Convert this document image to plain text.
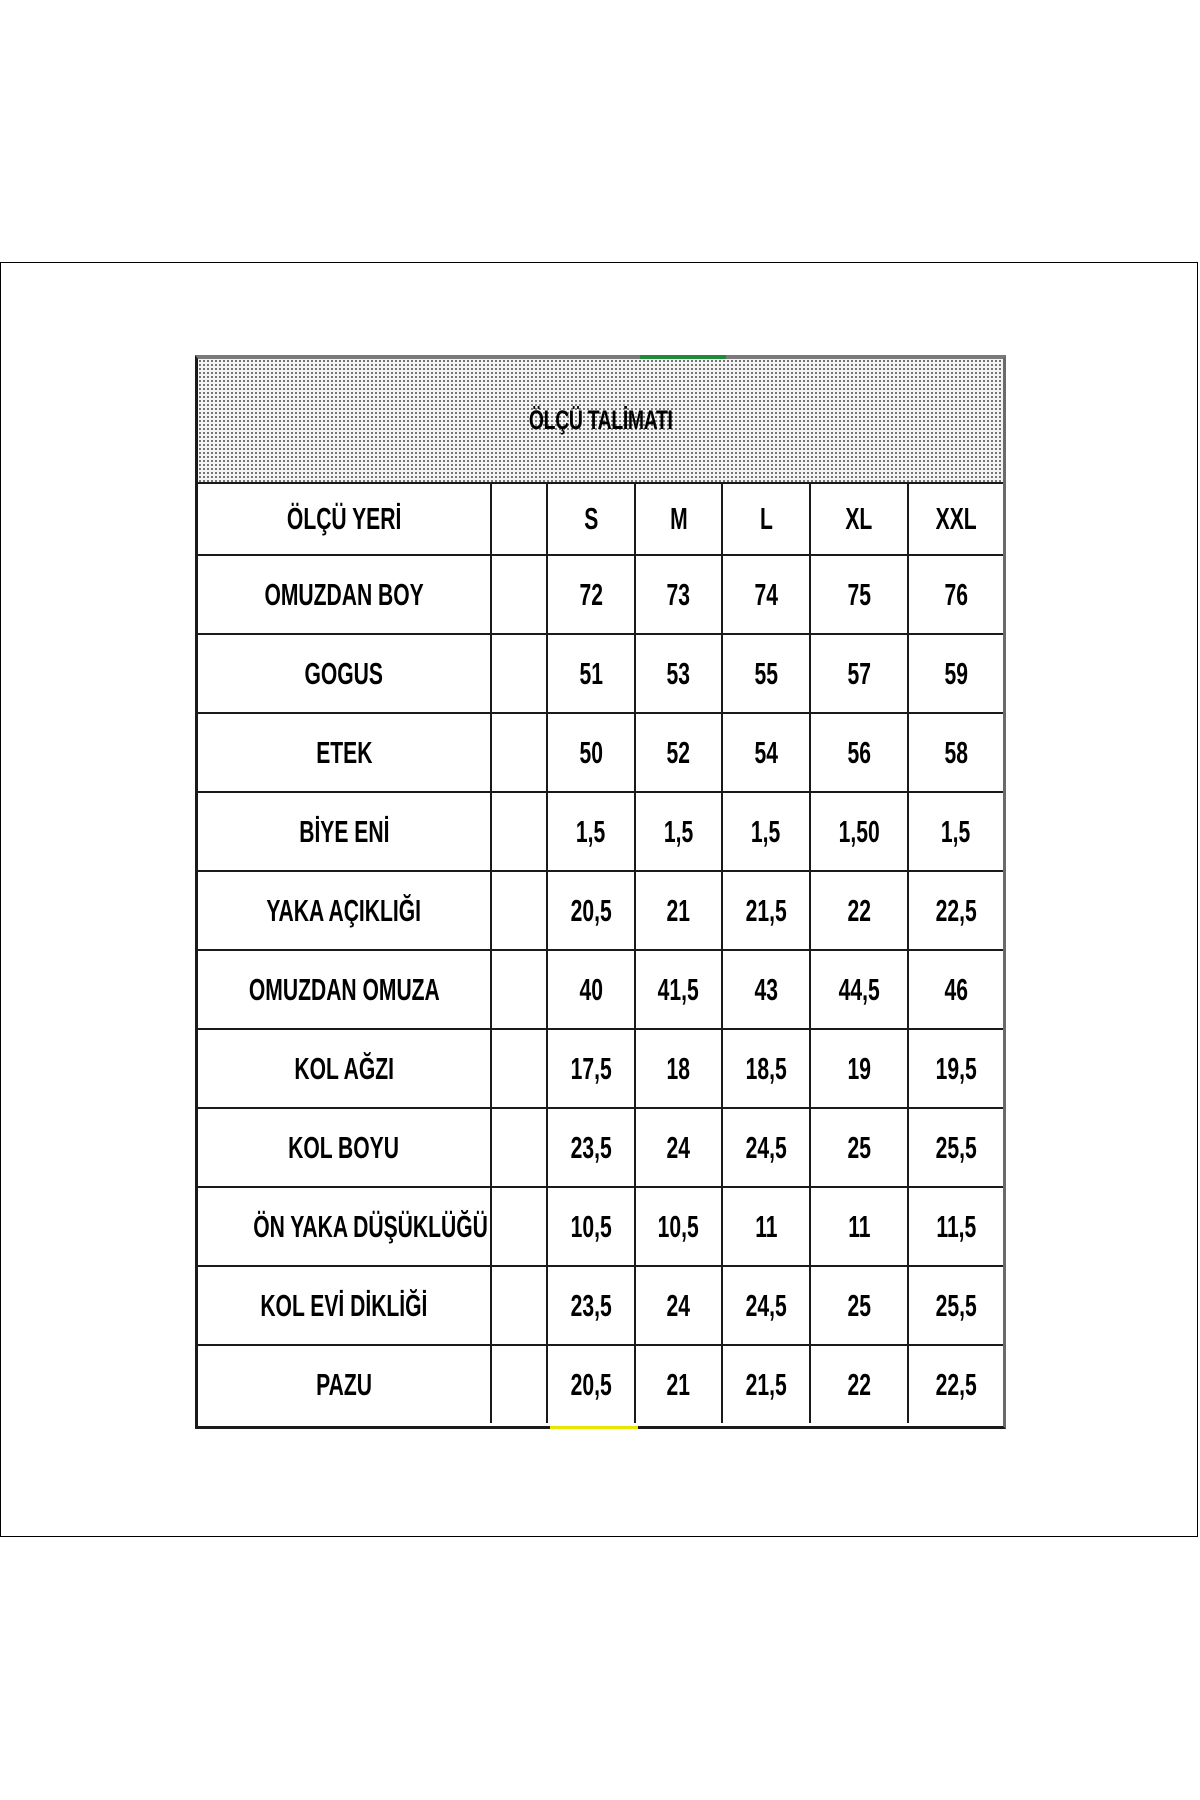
ÖLÇÜ TALİMATI
ÖLÇÜ YERİ		S	M	L	XL	XXL
OMUZDAN BOY		72	73	74	75	76
GOGUS		51	53	55	57	59
ETEK		50	52	54	56	58
BİYE ENİ		1,5	1,5	1,5	1,50	1,5
YAKA AÇIKLIĞI		20,5	21	21,5	22	22,5
OMUZDAN OMUZA		40	41,5	43	44,5	46
KOL AĞZI		17,5	18	18,5	19	19,5
KOL BOYU		23,5	24	24,5	25	25,5
ÖN YAKA DÜŞÜKLÜĞÜ		10,5	10,5	11	11	11,5
KOL EVİ DİKLİĞİ		23,5	24	24,5	25	25,5
PAZU		20,5	21	21,5	22	22,5
